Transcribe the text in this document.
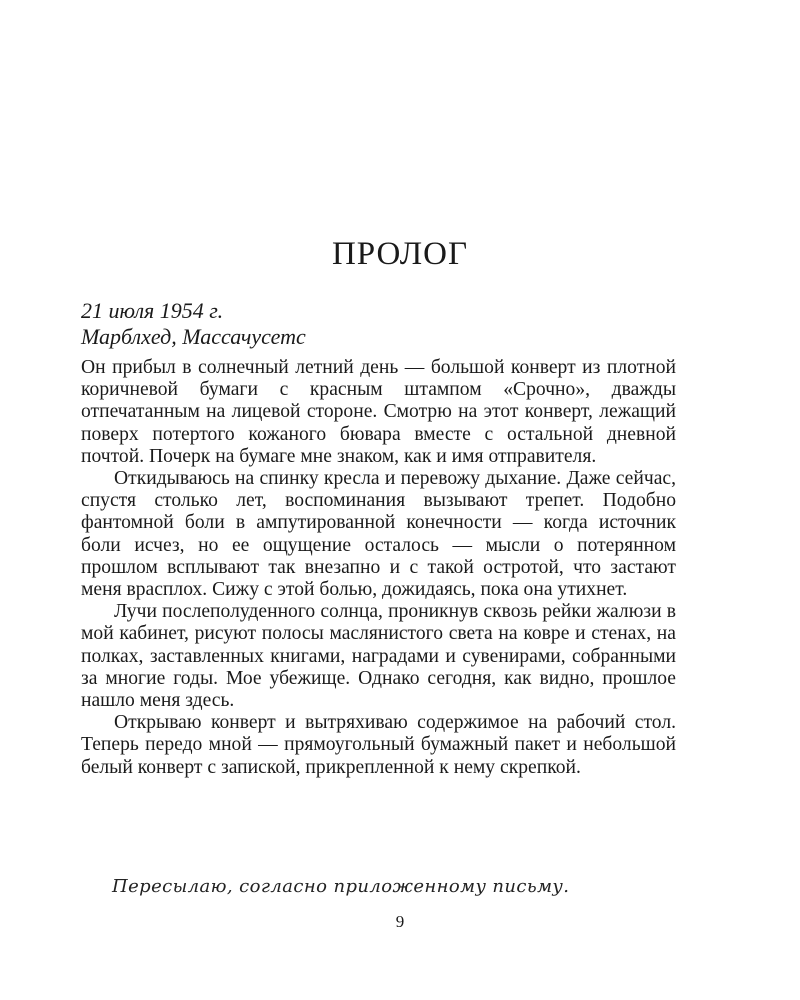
ПРОЛОГ
21 июля 1954 г.
Марблхед, Массачусетс

Он прибыл в солнечный летний день — большой конверт из плотной коричневой бумаги с красным штампом «Срочно», дважды отпечатанным на лицевой стороне. Смотрю на этот конверт, лежащий поверх потертого кожаного бювара вместе с остальной дневной почтой. Почерк на бумаге мне знаком, как и имя отправителя.

Откидываюсь на спинку кресла и перевожу дыхание. Даже сейчас, спустя столько лет, воспоминания вызывают трепет. Подобно фантомной боли в ампутированной конечности — когда источник боли исчез, но ее ощущение осталось — мысли о потерянном прошлом всплывают так внезапно и с такой остротой, что застают меня врасплох. Сижу с этой болью, дожидаясь, пока она утихнет.

Лучи послеполуденного солнца, проникнув сквозь рейки жалюзи в мой кабинет, рисуют полосы маслянистого света на ковре и стенах, на полках, заставленных книгами, наградами и сувенирами, собранными за многие годы. Мое убежище. Однако сегодня, как видно, прошлое нашло меня здесь.

Открываю конверт и вытряхиваю содержимое на рабочий стол. Теперь передо мной — прямоугольный бумажный пакет и небольшой белый конверт с запиской, прикрепленной к нему скрепкой.

Пересылаю, согласно приложенному письму.
9
